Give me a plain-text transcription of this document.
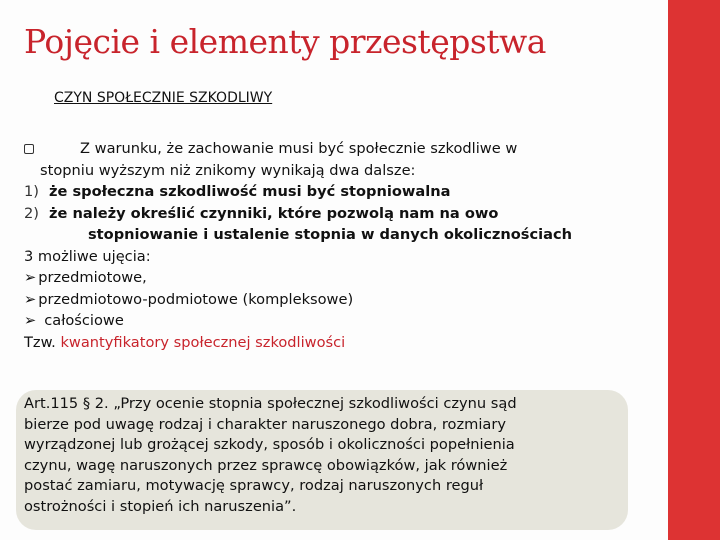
Pojęcie i elementy przestępstwa
CZYN SPOŁECZNIE SZKODLIWY
Z warunku, że zachowanie musi być społecznie szkodliwe w
stopniu wyższym niż znikomy wynikają dwa dalsze:
1) że społeczna szkodliwość musi być stopniowalna
2) że należy określić czynniki, które pozwolą nam na owo
stopniowanie i ustalenie stopnia w danych okolicznościach
3 możliwe ujęcia:
➢ przedmiotowe,
➢ przedmiotowo-podmiotowe (kompleksowe)
➢ całościowe
Tzw. kwantyfikatory społecznej szkodliwości
Art.115 § 2. „Przy ocenie stopnia społecznej szkodliwości czynu sąd
bierze pod uwagę rodzaj i charakter naruszonego dobra, rozmiary
wyrządzonej lub grożącej szkody, sposób i okoliczności popełnienia
czynu, wagę naruszonych przez sprawcę obowiązków, jak również
postać zamiaru, motywację sprawcy, rodzaj naruszonych reguł
ostrożności i stopień ich naruszenia”.
